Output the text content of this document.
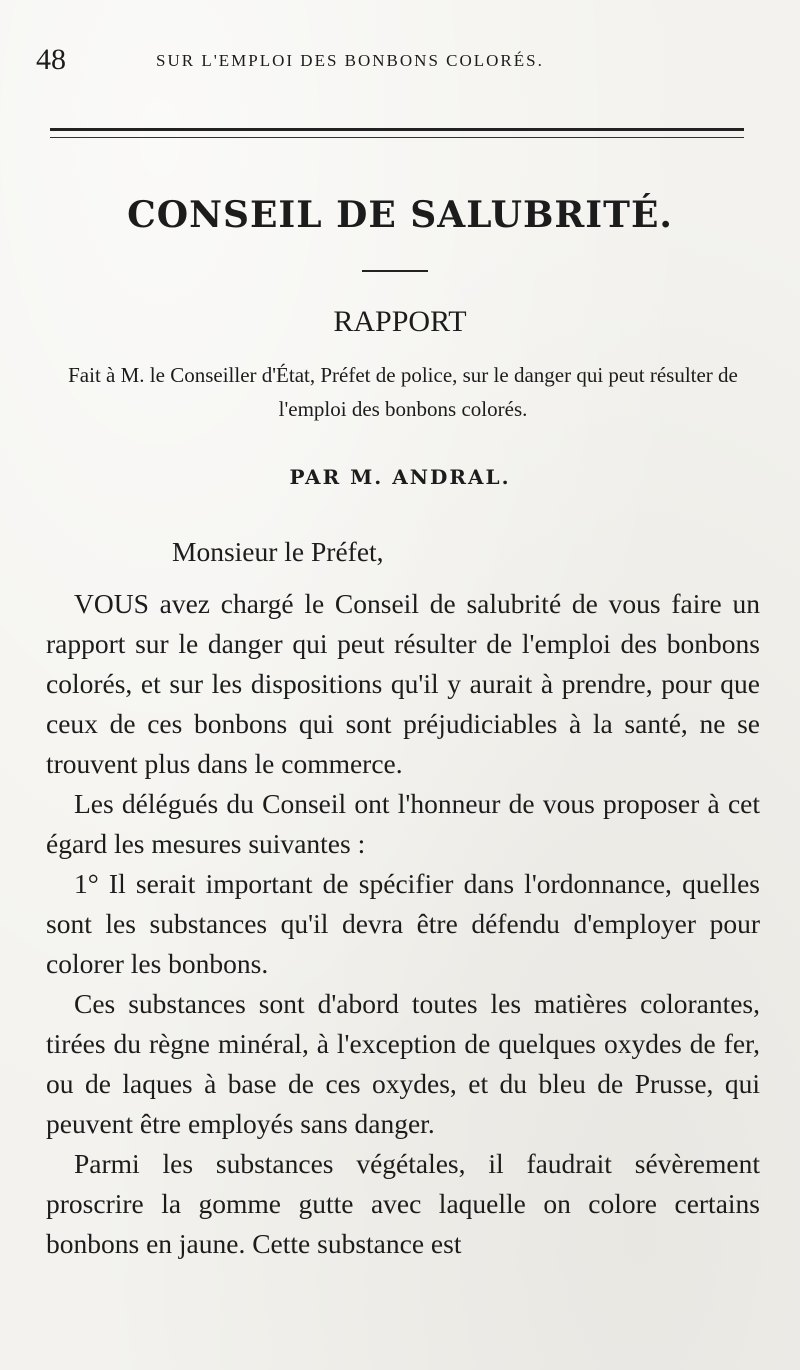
48	SUR L'EMPLOI DES BONBONS COLORÉS.
CONSEIL DE SALUBRITÉ.
RAPPORT
Fait à M. le Conseiller d'État, Préfet de police, sur le danger qui peut résulter de l'emploi des bonbons colorés.
PAR M. ANDRAL.

Monsieur le Préfet,

VOUS avez chargé le Conseil de salubrité de vous faire un rapport sur le danger qui peut résulter de l'emploi des bonbons colorés, et sur les dispositions qu'il y aurait à prendre, pour que ceux de ces bonbons qui sont préjudiciables à la santé, ne se trouvent plus dans le commerce.

Les délégués du Conseil ont l'honneur de vous proposer à cet égard les mesures suivantes :

1° Il serait important de spécifier dans l'ordonnance, quelles sont les substances qu'il devra être défendu d'employer pour colorer les bonbons.

Ces substances sont d'abord toutes les matières colorantes, tirées du règne minéral, à l'exception de quelques oxydes de fer, ou de laques à base de ces oxydes, et du bleu de Prusse, qui peuvent être employés sans danger.

Parmi les substances végétales, il faudrait sévèrement proscrire la gomme gutte avec laquelle on colore certains bonbons en jaune. Cette substance est
